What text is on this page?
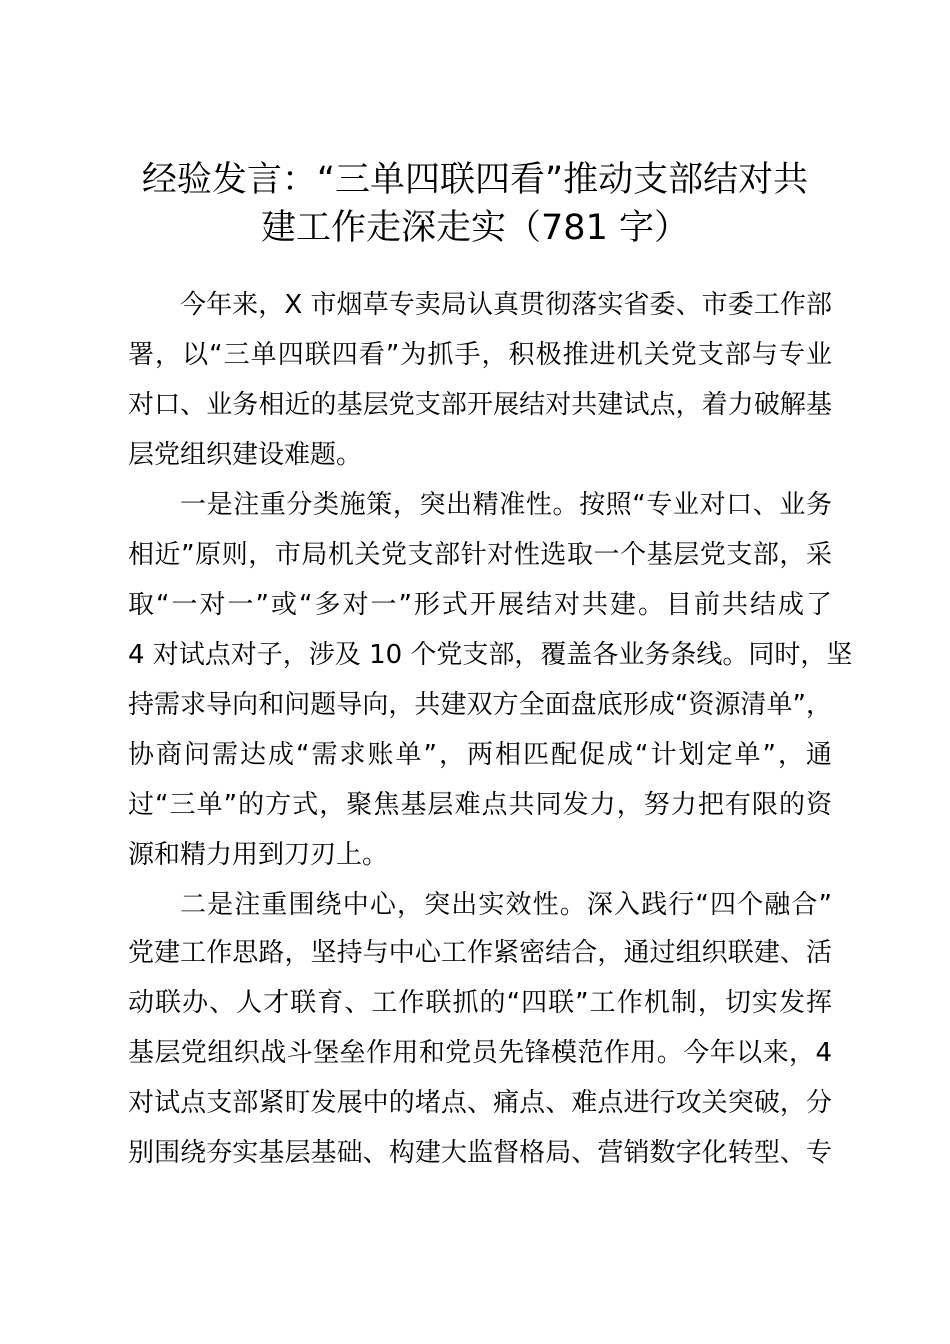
经验发言：“三单四联四看”推动支部结对共
建工作走深走实（781 字）
今年来，X 市烟草专卖局认真贯彻落实省委、市委工作部
署，以“三单四联四看”为抓手，积极推进机关党支部与专业
对口、业务相近的基层党支部开展结对共建试点，着力破解基
层党组织建设难题。
一是注重分类施策，突出精准性。按照“专业对口、业务
相近”原则，市局机关党支部针对性选取一个基层党支部，采
取“一对一”或“多对一”形式开展结对共建。目前共结成了
4 对试点对子，涉及 10 个党支部，覆盖各业务条线。同时，坚
持需求导向和问题导向，共建双方全面盘底形成“资源清单”，
协商问需达成“需求账单”，两相匹配促成“计划定单”，通
过“三单”的方式，聚焦基层难点共同发力，努力把有限的资
源和精力用到刀刃上。
二是注重围绕中心，突出实效性。深入践行“四个融合”
党建工作思路，坚持与中心工作紧密结合，通过组织联建、活
动联办、人才联育、工作联抓的“四联”工作机制，切实发挥
基层党组织战斗堡垒作用和党员先锋模范作用。今年以来，4
对试点支部紧盯发展中的堵点、痛点、难点进行攻关突破，分
别围绕夯实基层基础、构建大监督格局、营销数字化转型、专
